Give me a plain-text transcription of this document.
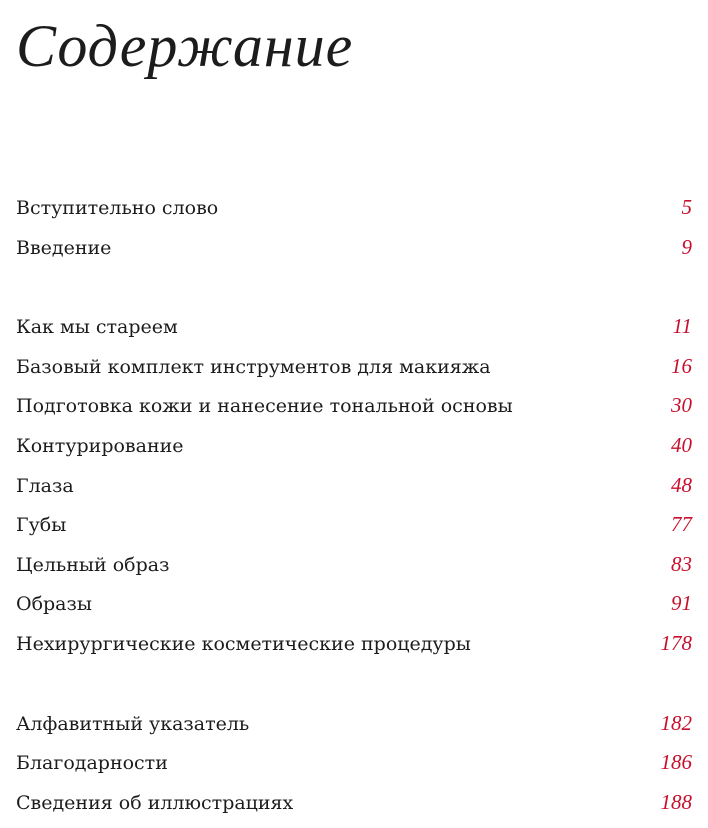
Содержание
Вступительно слово	5
Введение	9
Как мы стареем	11
Базовый комплект инструментов для макияжа	16
Подготовка кожи и нанесение тональной основы	30
Контурирование	40
Глаза	48
Губы	77
Цельный образ	83
Образы	91
Нехирургические косметические процедуры	178
Алфавитный указатель	182
Благодарности	186
Сведения об иллюстрациях	188
